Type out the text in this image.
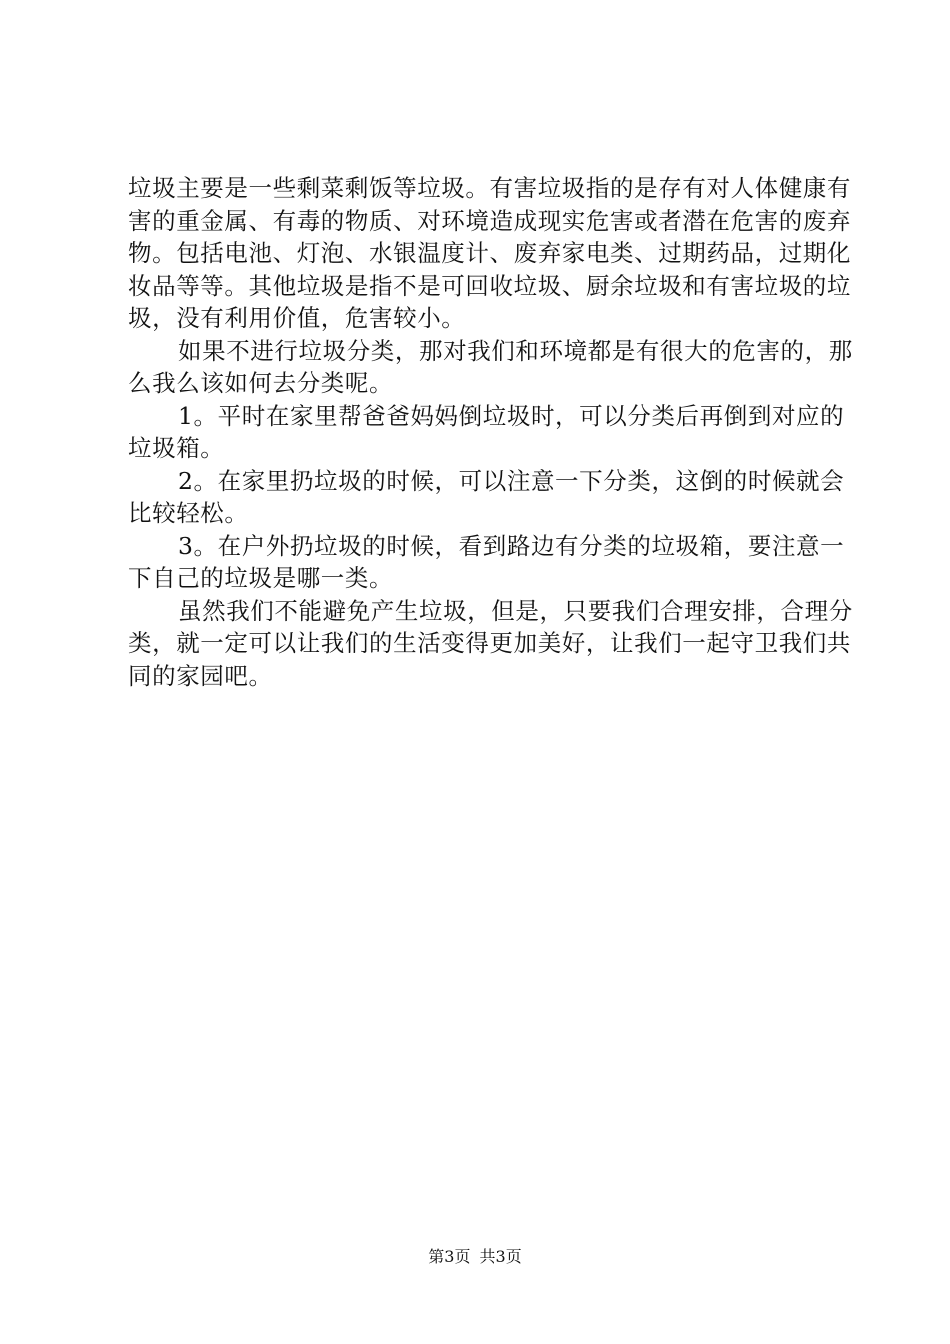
垃圾主要是一些剩菜剩饭等垃圾。有害垃圾指的是存有对人体健康有害的重金属、有毒的物质、对环境造成现实危害或者潜在危害的废弃物。包括电池、灯泡、水银温度计、废弃家电类、过期药品，过期化妆品等等。其他垃圾是指不是可回收垃圾、厨余垃圾和有害垃圾的垃圾，没有利用价值，危害较小。

如果不进行垃圾分类，那对我们和环境都是有很大的危害的，那么我么该如何去分类呢。

1。平时在家里帮爸爸妈妈倒垃圾时，可以分类后再倒到对应的垃圾箱。

2。在家里扔垃圾的时候，可以注意一下分类，这倒的时候就会比较轻松。

3。在户外扔垃圾的时候，看到路边有分类的垃圾箱，要注意一下自己的垃圾是哪一类。

虽然我们不能避免产生垃圾，但是，只要我们合理安排，合理分类，就一定可以让我们的生活变得更加美好，让我们一起守卫我们共同的家园吧。

第3页 共3页
